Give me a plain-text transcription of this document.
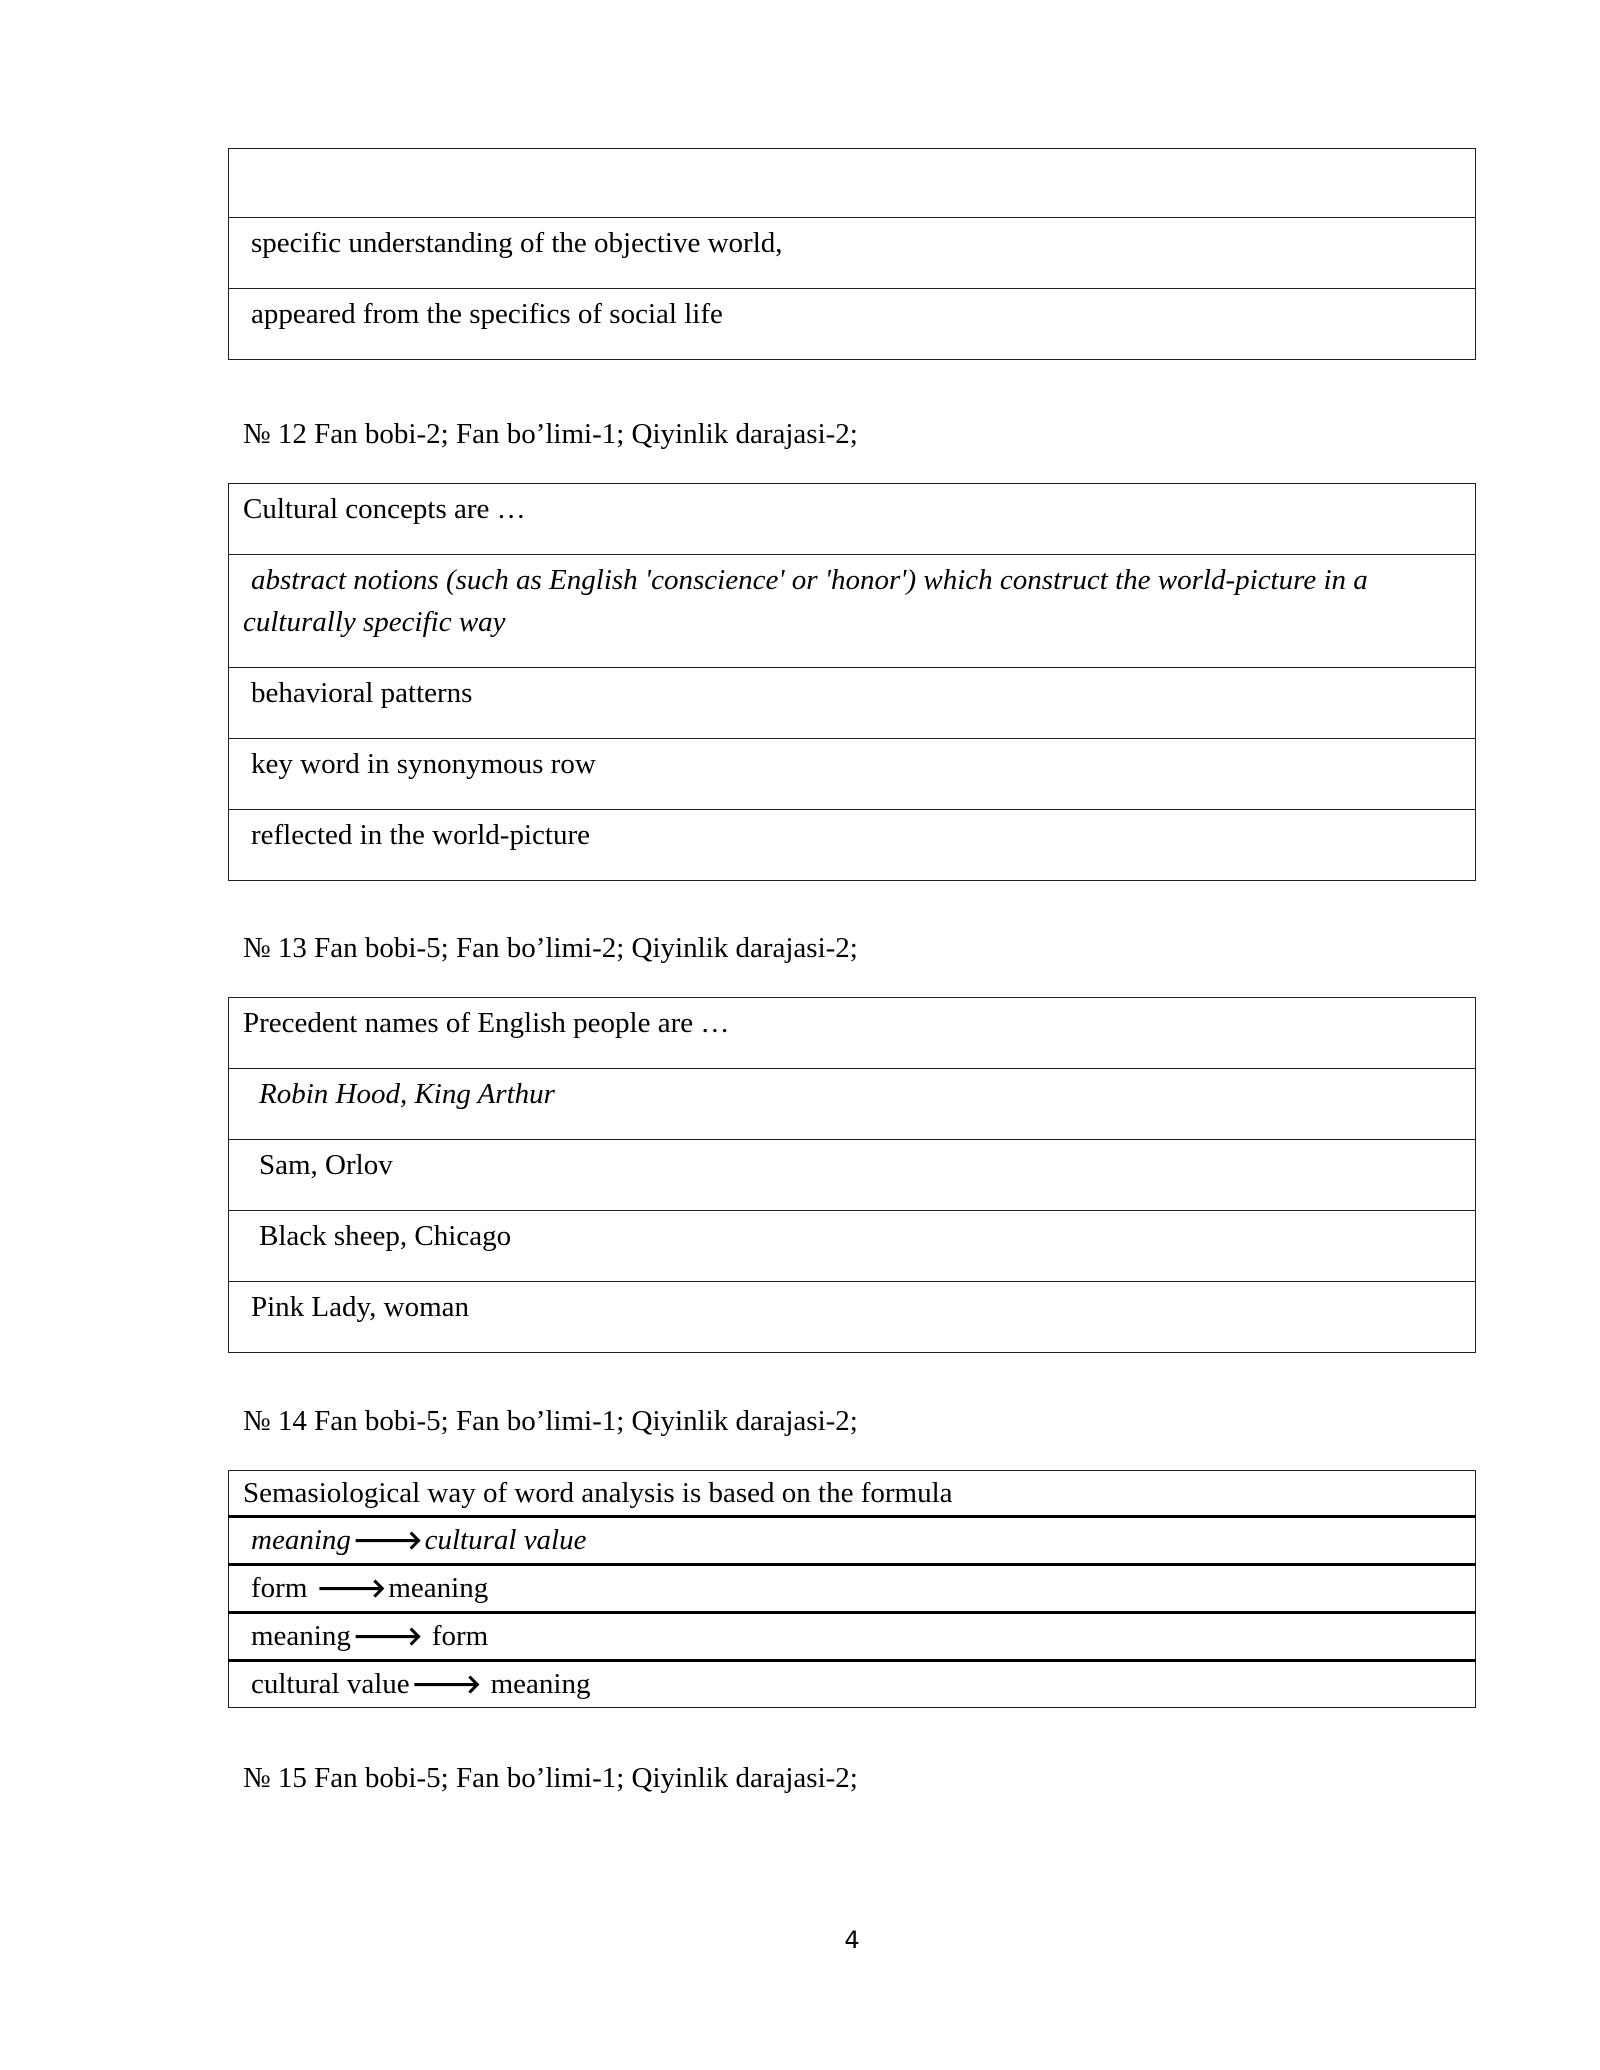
specific understanding of the objective world,
appeared from the specifics of social life
№ 12 Fan bobi-2; Fan bo’limi-1; Qiyinlik darajasi-2;
Cultural concepts are …
abstract notions (such as English 'conscience' or 'honor') which construct the world-picture in a culturally specific way
behavioral patterns
key word in synonymous row
reflected in the world-picture
№ 13 Fan bobi-5; Fan bo’limi-2; Qiyinlik darajasi-2;
Precedent names of English people are …
Robin Hood, King Arthur
Sam, Orlov
Black sheep, Chicago
Pink Lady, woman
№ 14 Fan bobi-5; Fan bo’limi-1; Qiyinlik darajasi-2;
Semasiological way of word analysis is based on the formula
meaning🡒cultural value
form 🡒meaning
meaning🡒 form
cultural value🡒 meaning
№ 15 Fan bobi-5; Fan bo’limi-1; Qiyinlik darajasi-2;
4
